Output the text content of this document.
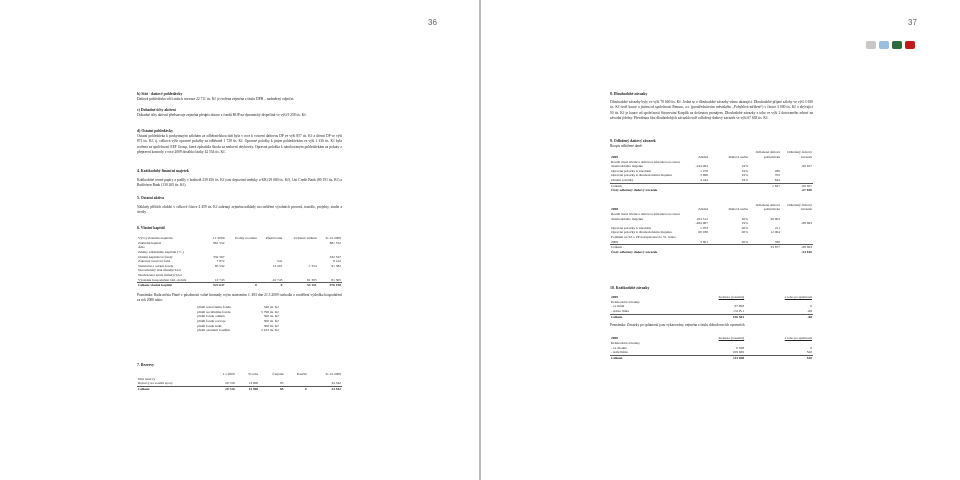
36
b) Stát - daňové pohledávky

Daňová pohledávka vůči státu k rozvaze 22 711 tis. Kč je tvořena zejména z titulu DPH – nadměrný odpočet.

c) Dohadné účty aktivní

Dohadné účty aktivní představuje zejména předpis dotace z fondů ROP na dynamický dispečink ve výši 9 258 tis. Kč.

d) Ostatní pohledávky

Ostatní pohledávka k poskytnutým zálohám za odběratelskou daň byla v roce k vrácení daňovou DP ve výši 857 tis. Kč a účetní DP ve výši 871 tis. Kč, tj. celková výše opravné položky za odběratel 1 728 tis. Kč. Opravné položky k jiným pohledávkám ve výši 1 236 tis. Kč byla tvořena za společností EEF Group, která způsobila škodu za smluvní ohybovity. Opravná položka k nárokovaným pohledávkám za pokuty z přepravní kontroly v roce 2009 dosáhla částky 42 554 tis. Kč.

4. Krátkodobý finanční majetek

Krátkodobé cenné papíry a podíly v hodnotě 239 456 tis. Kč jsou depozitní směnky u KB (29 080 tis. Kč), Uni Credit Bank (80 191 tis. Kč) a Raiffeisen Bank (130 265 tis. Kč).

5. Ostatní aktiva

Náklady příštích období v celkové částce 4 459 tis. Kč zahrnují zejména náklady na rozšíření výrobních procesů, trasidlo, projekty, studie a úvody.

6. Vlastní kapitál
Vývoj vlastního kapitálu	1.1.2009	Podíly na zisku	Přeúčtování	Zvýšení/ snížení	31.12.2009
Základní kapitál	881 552				881 552
Ážio					
Změny základního kapitálu (+/-)					
Ostatní kapitálové fondy	332 567				332 547
Zákonný rezervní fond	7 872		541		8 412
Statutární a ostatní fondy	85 532		13 201	-7 354	91 382
Nerozdělený zisk minulých let					
Neuhrazená ztráta minulých let					
Výsledek hospodaření běž. období	10 743		-10 743	81 305	81 305
Celkem vlastní kapitál	922 647	0	0	54 151	976 198

Poznámka: Rada města Plzně v působnosti valné hromady svým usnesením č. 493 dne 21.5.2009 rozhodla o rozdělení výsledku hospodaření za rok 2008 takto:

příděl rezervnímu fondu	540 tis. Kč
příděl sociálnímu fondu	5 790 tis. Kč
příděl fondu odměn	500 tis. Kč
příděl fondu rozvoje	300 tis. Kč
příděl fondu ředit.	300 tis. Kč
příděl ostatním fondům	2 913 tis. Kč
7. Rezervy
	1.1.2009	Tvorba	Čerpání	Použití	31.12.2009
Daň rezervy					
Rezervy na soudní spory	20 726	13 900	85		34 542
Celkem	20 726	13 900	85	0	34 542
37
8. Dlouhodobé závazky

Dlouhodobé závazky byly ve výši 70 660 tis. Kč. Jedná se o dlouhodobé závazky vůmo ukazující. Dlouhodobé přijaté zálohy ve výši 3 650 tis. Kč tvoří kauce a jistina od společnosti Renuac, a.s. (prostřednictvím městského „Pohyblivá mřížení“) v částce 3 000 tis. Kč a zbývající 50 tis. Kč je kauce od společnosti Stravování Karpfík za dočasnou pronájem. Dlouhodobé závazky z toho ve výši 2 dotovaného zdraví na závodní jídelny. Převážnou část dlouhodobých závazků tvoří odložený daňový závazek ve výši 67 638 tis. Kč.

9. Odložený daňový závazek

Rozpis odložené daně:

2009	Základ	Daňová sazba	Odložená daňová pohledávka	Odložený daňový závazek
Rozdíl mezi účetní a daňovou zůstatkovou cenou dlouhodobého majetku	-244 964	19%		-69 657
Opravné položky k zásobám	1 478	19%	280	
Opravné položky k dlouhodobému majetku	3 696	19%	702	
Ostatní položky	4 444	19%	844	
Celkem			1 827	-69 657
Čistý odložený daňový závazek				-67 830
2008	Základ	Daňová sazba	Odložená daňová pohledávka	Odložený daňový závazek
Rozdíl mezi účetní a daňovou zůstatkovou cenou dlouhodobého majetku	104 512	20%	20 902	
	-484 907	19%		-88 693
Opravné položky k zásobám	1 053	20%	211	
Opravné položky k dlouhodobému majetku	60 038	20%	12 004	
Pojištění na SZ a ZP nezaplacené do 31. ledna 2009	3 801	20%	760	
Celkem			33 877	-88 693
Čistý odložený daňový závazek				-54 816
10. Krátkodobé závazky
2009	hodnota (rozestní)	z toho po splatnosti
Krátkodobé závazky		
- ve lhůtě	67 693	0
- stáleo lhůta	131 B.1	-68
Celkem	196 561	-68

Poznámka: Závazky po splatnosti jsou vykazovány, zejména z titulu dohodovacích opravních.

2008	hodnota (rozestní)	z toho po splatnosti
Krátkodobé závazky		
- ve dlouhé	0 028	0
- stálé lhůtu	109 665	520
Celkem	113 698	520
